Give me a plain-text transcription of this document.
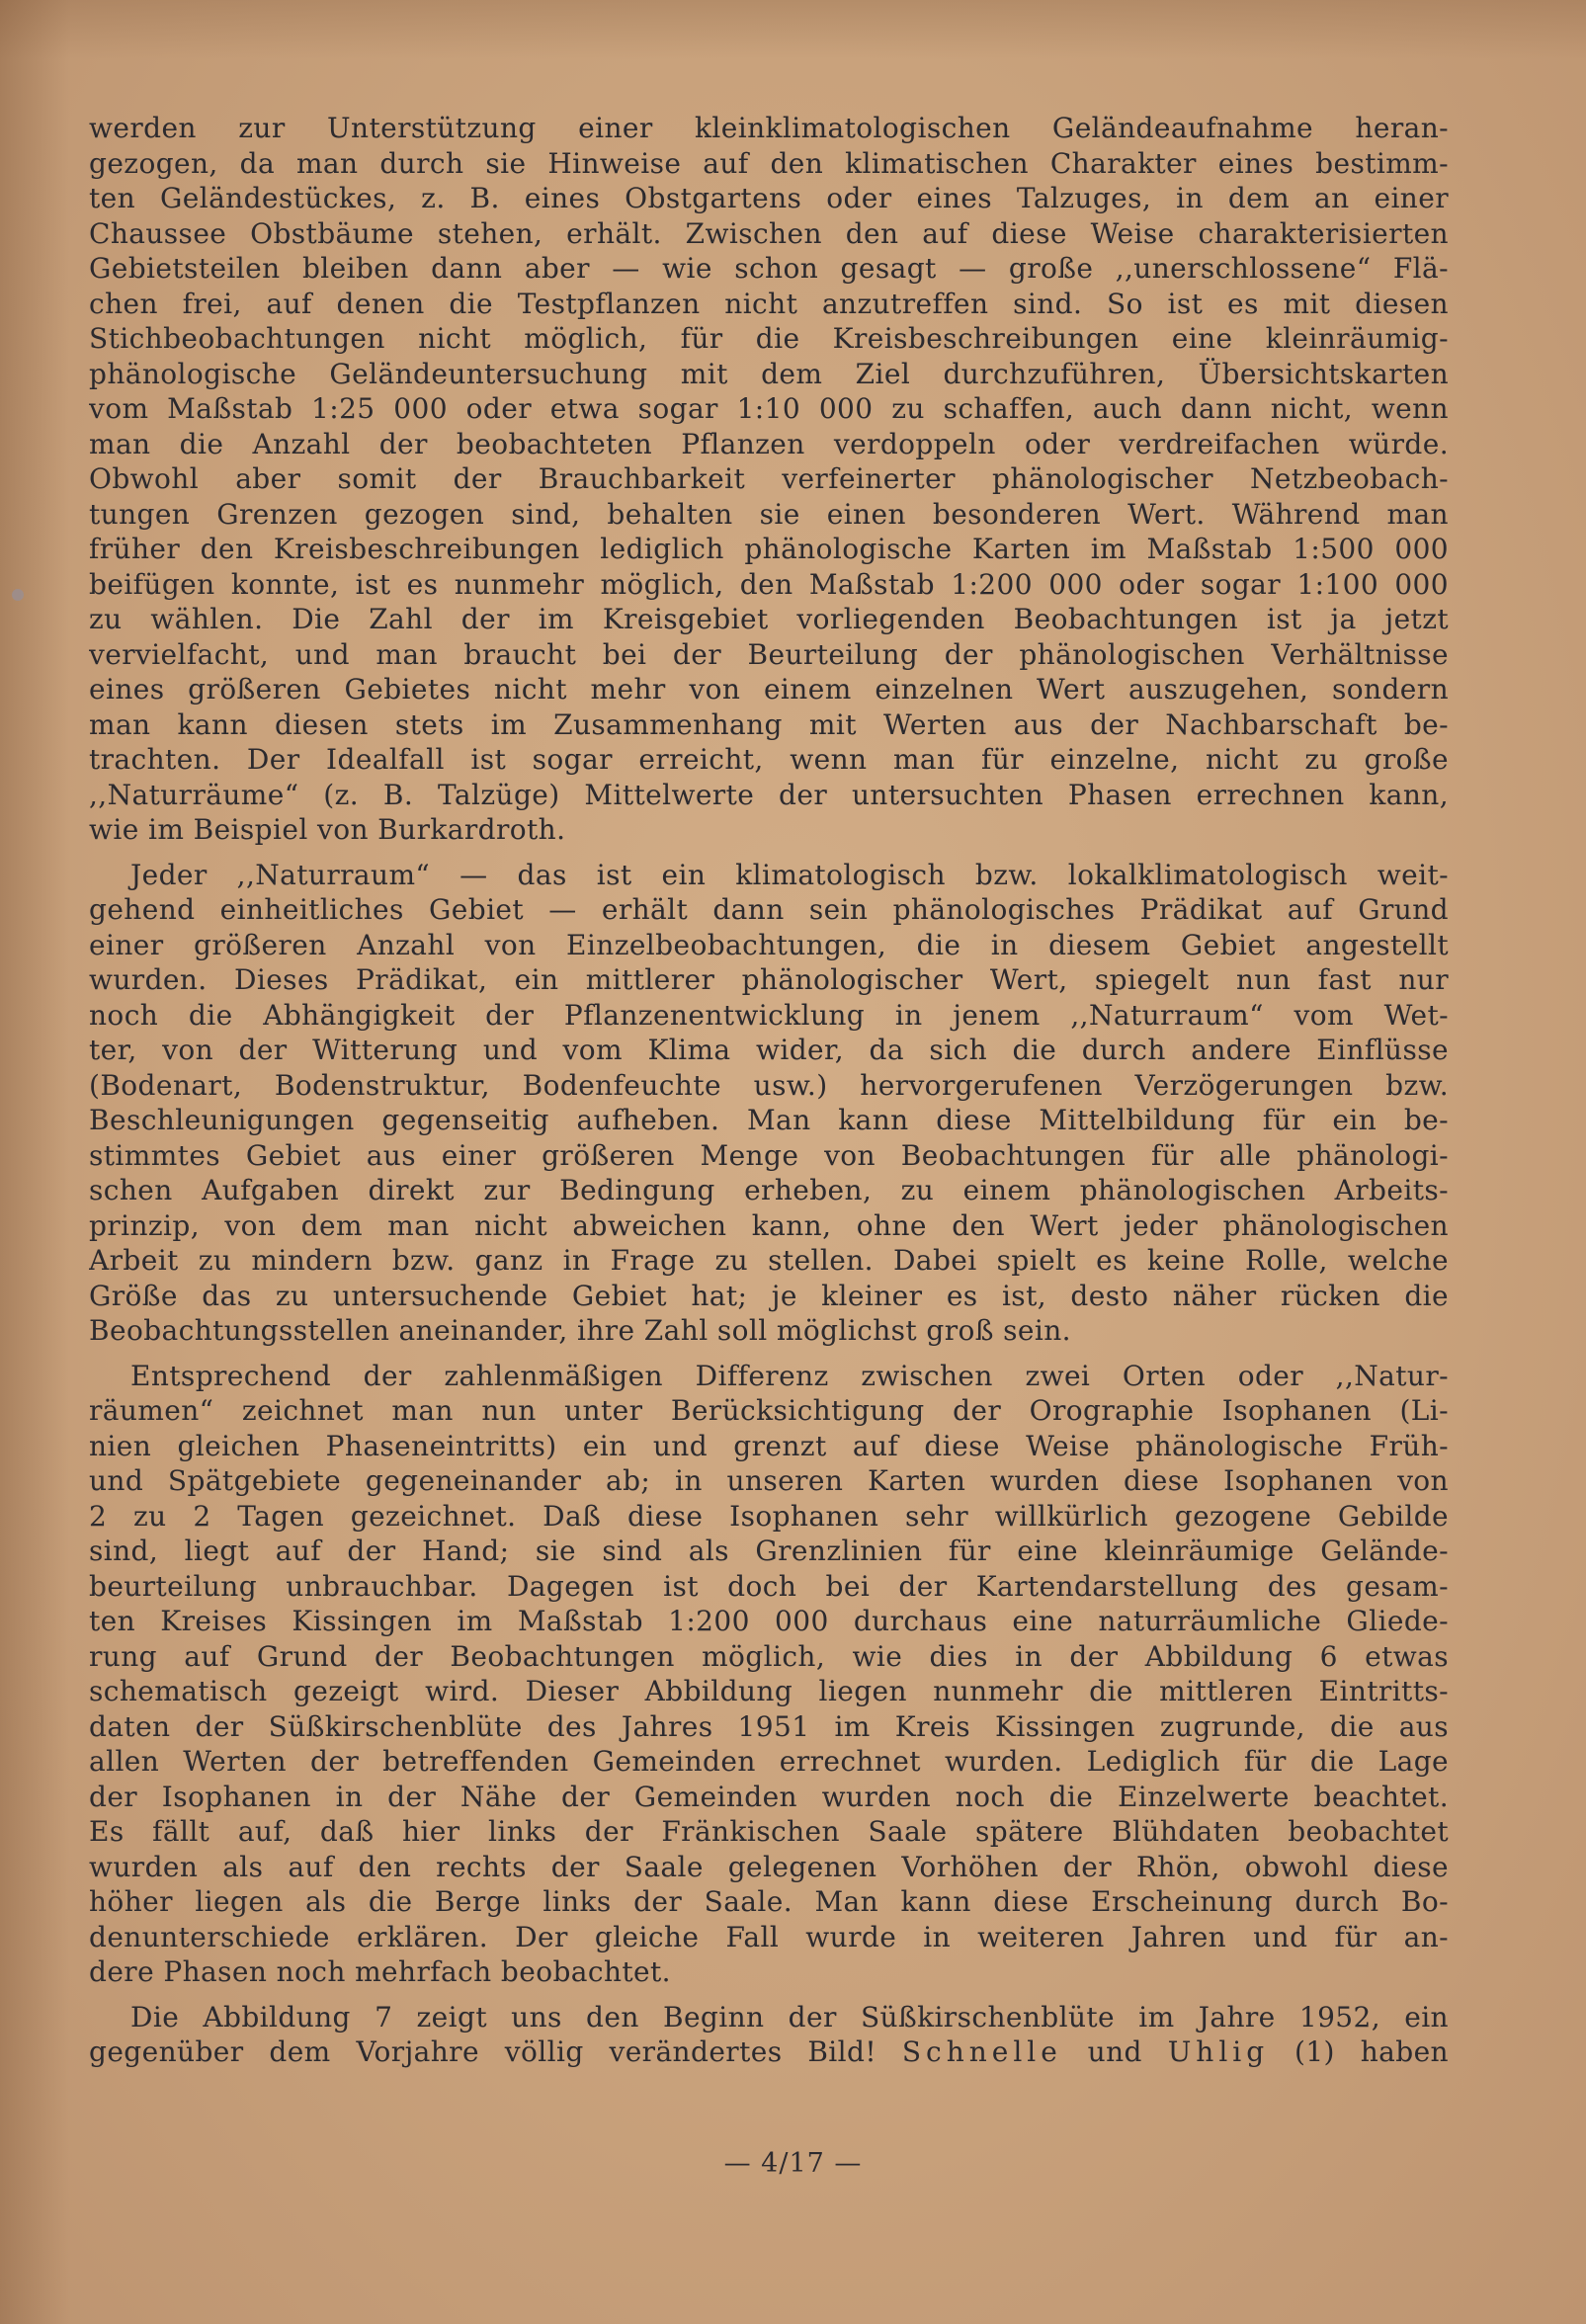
werden zur Unterstützung einer kleinklimatologischen Geländeaufnahme heran-
gezogen, da man durch sie Hinweise auf den klimatischen Charakter eines bestimm-
ten Geländestückes, z. B. eines Obstgartens oder eines Talzuges, in dem an einer
Chaussee Obstbäume stehen, erhält. Zwischen den auf diese Weise charakterisierten
Gebietsteilen bleiben dann aber — wie schon gesagt — große ,,unerschlossene“ Flä-
chen frei, auf denen die Testpflanzen nicht anzutreffen sind. So ist es mit diesen
Stichbeobachtungen nicht möglich, für die Kreisbeschreibungen eine kleinräumig-
phänologische Geländeuntersuchung mit dem Ziel durchzuführen, Übersichtskarten
vom Maßstab 1:25 000 oder etwa sogar 1:10 000 zu schaffen, auch dann nicht, wenn
man die Anzahl der beobachteten Pflanzen verdoppeln oder verdreifachen würde.
Obwohl aber somit der Brauchbarkeit verfeinerter phänologischer Netzbeobach-
tungen Grenzen gezogen sind, behalten sie einen besonderen Wert. Während man
früher den Kreisbeschreibungen lediglich phänologische Karten im Maßstab 1:500 000
beifügen konnte, ist es nunmehr möglich, den Maßstab 1:200 000 oder sogar 1:100 000
zu wählen. Die Zahl der im Kreisgebiet vorliegenden Beobachtungen ist ja jetzt
vervielfacht, und man braucht bei der Beurteilung der phänologischen Verhältnisse
eines größeren Gebietes nicht mehr von einem einzelnen Wert auszugehen, sondern
man kann diesen stets im Zusammenhang mit Werten aus der Nachbarschaft be-
trachten. Der Idealfall ist sogar erreicht, wenn man für einzelne, nicht zu große
,,Naturräume“ (z. B. Talzüge) Mittelwerte der untersuchten Phasen errechnen kann,
wie im Beispiel von Burkardroth.
Jeder ,,Naturraum“ — das ist ein klimatologisch bzw. lokalklimatologisch weit-
gehend einheitliches Gebiet — erhält dann sein phänologisches Prädikat auf Grund
einer größeren Anzahl von Einzelbeobachtungen, die in diesem Gebiet angestellt
wurden. Dieses Prädikat, ein mittlerer phänologischer Wert, spiegelt nun fast nur
noch die Abhängigkeit der Pflanzenentwicklung in jenem ,,Naturraum“ vom Wet-
ter, von der Witterung und vom Klima wider, da sich die durch andere Einflüsse
(Bodenart, Bodenstruktur, Bodenfeuchte usw.) hervorgerufenen Verzögerungen bzw.
Beschleunigungen gegenseitig aufheben. Man kann diese Mittelbildung für ein be-
stimmtes Gebiet aus einer größeren Menge von Beobachtungen für alle phänologi-
schen Aufgaben direkt zur Bedingung erheben, zu einem phänologischen Arbeits-
prinzip, von dem man nicht abweichen kann, ohne den Wert jeder phänologischen
Arbeit zu mindern bzw. ganz in Frage zu stellen. Dabei spielt es keine Rolle, welche
Größe das zu untersuchende Gebiet hat; je kleiner es ist, desto näher rücken die
Beobachtungsstellen aneinander, ihre Zahl soll möglichst groß sein.
Entsprechend der zahlenmäßigen Differenz zwischen zwei Orten oder ,,Natur-
räumen“ zeichnet man nun unter Berücksichtigung der Orographie Isophanen (Li-
nien gleichen Phaseneintritts) ein und grenzt auf diese Weise phänologische Früh-
und Spätgebiete gegeneinander ab; in unseren Karten wurden diese Isophanen von
2 zu 2 Tagen gezeichnet. Daß diese Isophanen sehr willkürlich gezogene Gebilde
sind, liegt auf der Hand; sie sind als Grenzlinien für eine kleinräumige Gelände-
beurteilung unbrauchbar. Dagegen ist doch bei der Kartendarstellung des gesam-
ten Kreises Kissingen im Maßstab 1:200 000 durchaus eine naturräumliche Gliede-
rung auf Grund der Beobachtungen möglich, wie dies in der Abbildung 6 etwas
schematisch gezeigt wird. Dieser Abbildung liegen nunmehr die mittleren Eintritts-
daten der Süßkirschenblüte des Jahres 1951 im Kreis Kissingen zugrunde, die aus
allen Werten der betreffenden Gemeinden errechnet wurden. Lediglich für die Lage
der Isophanen in der Nähe der Gemeinden wurden noch die Einzelwerte beachtet.
Es fällt auf, daß hier links der Fränkischen Saale spätere Blühdaten beobachtet
wurden als auf den rechts der Saale gelegenen Vorhöhen der Rhön, obwohl diese
höher liegen als die Berge links der Saale. Man kann diese Erscheinung durch Bo-
denunterschiede erklären. Der gleiche Fall wurde in weiteren Jahren und für an-
dere Phasen noch mehrfach beobachtet.
Die Abbildung 7 zeigt uns den Beginn der Süßkirschenblüte im Jahre 1952, ein
gegenüber dem Vorjahre völlig verändertes Bild! Schnelle und Uhlig (1) haben
— 4/17 —
